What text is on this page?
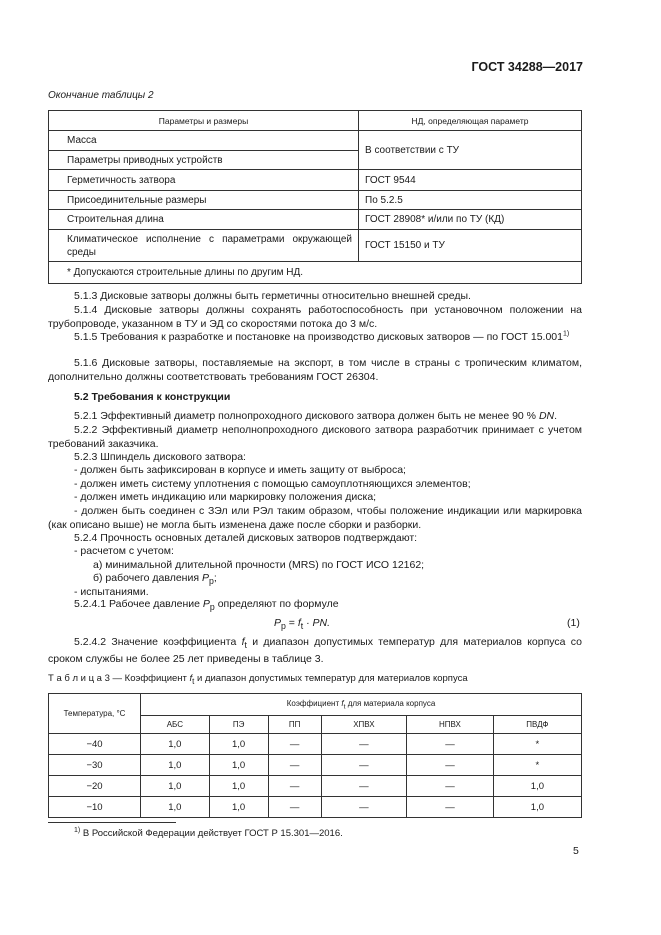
ГОСТ 34288—2017
Окончание таблицы 2
Параметры и размеры	НД, определяющая параметр
Масса	В соответствии с ТУ
Параметры приводных устройств	
Герметичность затвора	ГОСТ 9544
Присоединительные размеры	По 5.2.5
Строительная длина	ГОСТ 28908* и/или по ТУ (КД)
Климатическое исполнение с параметрами окружающей среды	ГОСТ 15150 и ТУ
* Допускаются строительные длины по другим НД.	
5.1.3 Дисковые затворы должны быть герметичны относительно внешней среды.
5.1.4 Дисковые затворы должны сохранять работоспособность при установочном положении на трубопроводе, указанном в ТУ и ЭД со скоростями потока до 3 м/с.
5.1.5 Требования к разработке и постановке на производство дисковых затворов — по ГОСТ 15.001$^{1)}$
5.1.6 Дисковые затворы, поставляемые на экспорт, в том числе в страны с тропическим климатом, дополнительно должны соответствовать требованиям ГОСТ 26304.
5.2 Требования к конструкции
5.2.1 Эффективный диаметр полнопроходного дискового затвора должен быть не менее 90 % DN.
5.2.2 Эффективный диаметр неполнопроходного дискового затвора разработчик принимает с учетом требований заказчика.
5.2.3 Шпиндель дискового затвора:
- должен быть зафиксирован в корпусе и иметь защиту от выброса;
- должен иметь систему уплотнения с помощью самоуплотняющихся элементов;
- должен иметь индикацию или маркировку положения диска;
- должен быть соединен с ЗЭл или РЭл таким образом, чтобы положение индикации или маркировка (как описано выше) не могла быть изменена даже после сборки и разборки.
5.2.4 Прочность основных деталей дисковых затворов подтверждают:
- расчетом с учетом:
а) минимальной длительной прочности (MRS) по ГОСТ ИСО 12162;
б) рабочего давления $P_р$;
- испытаниями.
5.2.4.1 Рабочее давление $P_р$ определяют по формуле
$P_р = f_t$ · PN.	(1)
5.2.4.2 Значение коэффициента $f_t$ и диапазон допустимых температур для материалов корпуса со сроком службы не более 25 лет приведены в таблице 3.
Т а б л и ц а 3 — Коэффициент $f_t$ и диапазон допустимых температур для материалов корпуса
Температура, °С	Коэффициент $f_t$ для материала корпуса					
	АБС	ПЭ	ПП	ХПВХ	НПВХ	ПВДФ
−40	1,0	1,0	—	—	—	*
−30	1,0	1,0	—	—	—	*
−20	1,0	1,0	—	—	—	1,0
−10	1,0	1,0	—	—	—	1,0
$^{1)}$ В Российской Федерации действует ГОСТ Р 15.301—2016.
5
